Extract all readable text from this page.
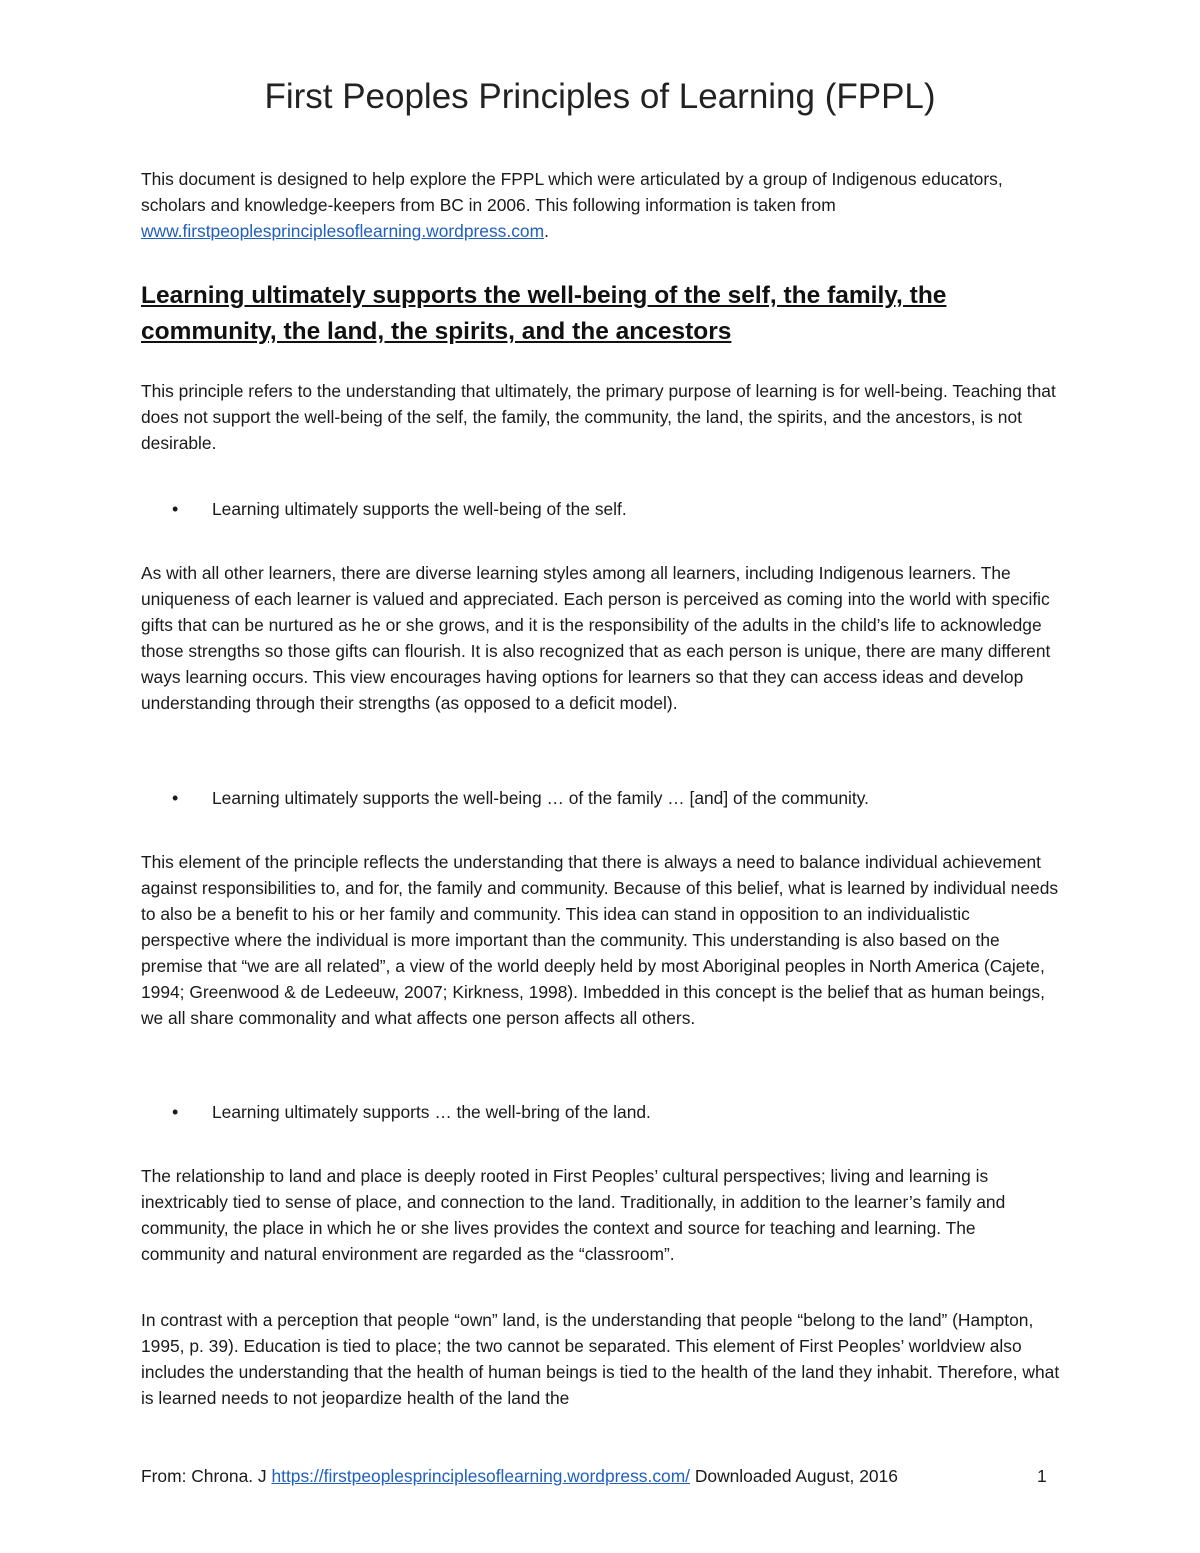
First Peoples Principles of Learning (FPPL)

This document is designed to help explore the FPPL which were articulated by a group of Indigenous educators, scholars and knowledge-keepers from BC in 2006. This following information is taken from www.firstpeoplesprinciplesoflearning.wordpress.com.

Learning ultimately supports the well-being of the self, the family, the community, the land, the spirits, and the ancestors

This principle refers to the understanding that ultimately, the primary purpose of learning is for well-being. Teaching that does not support the well-being of the self, the family, the community, the land, the spirits, and the ancestors, is not desirable.

• Learning ultimately supports the well-being of the self.

As with all other learners, there are diverse learning styles among all learners, including Indigenous learners. The uniqueness of each learner is valued and appreciated. Each person is perceived as coming into the world with specific gifts that can be nurtured as he or she grows, and it is the responsibility of the adults in the child’s life to acknowledge those strengths so those gifts can flourish. It is also recognized that as each person is unique, there are many different ways learning occurs. This view encourages having options for learners so that they can access ideas and develop understanding through their strengths (as opposed to a deficit model).

• Learning ultimately supports the well-being … of the family … [and] of the community.

This element of the principle reflects the understanding that there is always a need to balance individual achievement against responsibilities to, and for, the family and community. Because of this belief, what is learned by individual needs to also be a benefit to his or her family and community. This idea can stand in opposition to an individualistic perspective where the individual is more important than the community. This understanding is also based on the premise that “we are all related”, a view of the world deeply held by most Aboriginal peoples in North America (Cajete, 1994; Greenwood & de Ledeeuw, 2007; Kirkness, 1998). Imbedded in this concept is the belief that as human beings, we all share commonality and what affects one person affects all others.

• Learning ultimately supports … the well-bring of the land.

The relationship to land and place is deeply rooted in First Peoples’ cultural perspectives; living and learning is inextricably tied to sense of place, and connection to the land. Traditionally, in addition to the learner’s family and community, the place in which he or she lives provides the context and source for teaching and learning. The community and natural environment are regarded as the “classroom”.

In contrast with a perception that people “own” land, is the understanding that people “belong to the land” (Hampton, 1995, p. 39). Education is tied to place; the two cannot be separated. This element of First Peoples’ worldview also includes the understanding that the health of human beings is tied to the health of the land they inhabit. Therefore, what is learned needs to not jeopardize health of the land the

From: Chrona. J https://firstpeoplesprinciplesoflearning.wordpress.com/ Downloaded August, 2016	1
